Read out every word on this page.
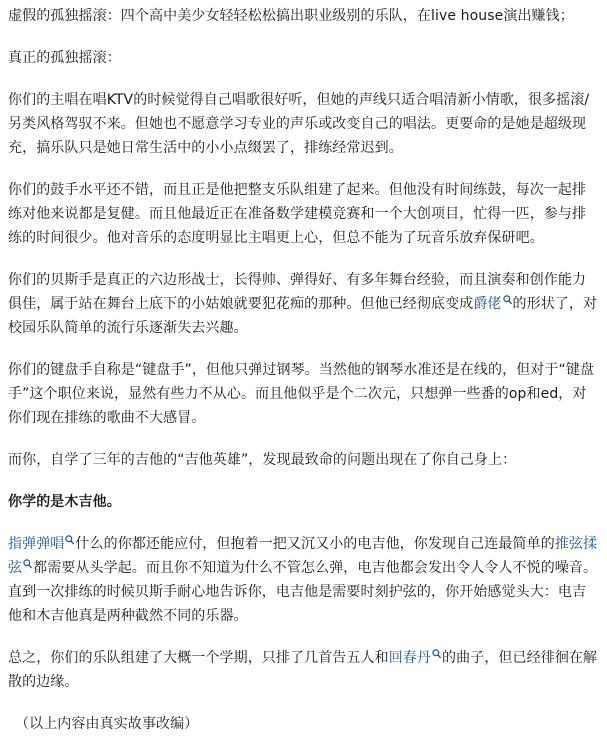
虚假的孤独摇滚：四个高中美少女轻轻松松搞出职业级别的乐队，在live house演出赚钱；

真正的孤独摇滚：

你们的主唱在唱KTV的时候觉得自己唱歌很好听，但她的声线只适合唱清新小情歌，很多摇滚/另类风格驾驭不来。但她也不愿意学习专业的声乐或改变自己的唱法。更要命的是她是超级现充，搞乐队只是她日常生活中的小小点缀罢了，排练经常迟到。

你们的鼓手水平还不错，而且正是他把整支乐队组建了起来。但他没有时间练鼓，每次一起排练对他来说都是复健。而且他最近正在准备数学建模竞赛和一个大创项目，忙得一匹，参与排练的时间很少。他对音乐的态度明显比主唱更上心，但总不能为了玩音乐放弃保研吧。

你们的贝斯手是真正的六边形战士，长得帅、弹得好、有多年舞台经验，而且演奏和创作能力俱佳，属于站在舞台上底下的小姑娘就要犯花痴的那种。但他已经彻底变成爵佬 的形状了，对校园乐队简单的流行乐逐渐失去兴趣。

你们的键盘手自称是“键盘手”，但他只弹过钢琴。当然他的钢琴水准还是在线的，但对于“键盘手”这个职位来说，显然有些力不从心。而且他似乎是个二次元，只想弹一些番的op和ed，对你们现在排练的歌曲不大感冒。

而你，自学了三年的吉他的“吉他英雄”，发现最致命的问题出现在了你自己身上：

你学的是木吉他。

指弹弹唱 什么的你都还能应付，但抱着一把又沉又小的电吉他，你发现自己连最简单的推弦揉弦 都需要从头学起。而且你不知道为什么不管怎么弹，电吉他都会发出令人令人不悦的噪音。直到一次排练的时候贝斯手耐心地告诉你，电吉他是需要时刻护弦的，你开始感觉头大：电吉他和木吉他真是两种截然不同的乐器。

总之，你们的乐队组建了大概一个学期，只排了几首告五人和回春丹 的曲子，但已经徘徊在解散的边缘。

（以上内容由真实故事改编）
